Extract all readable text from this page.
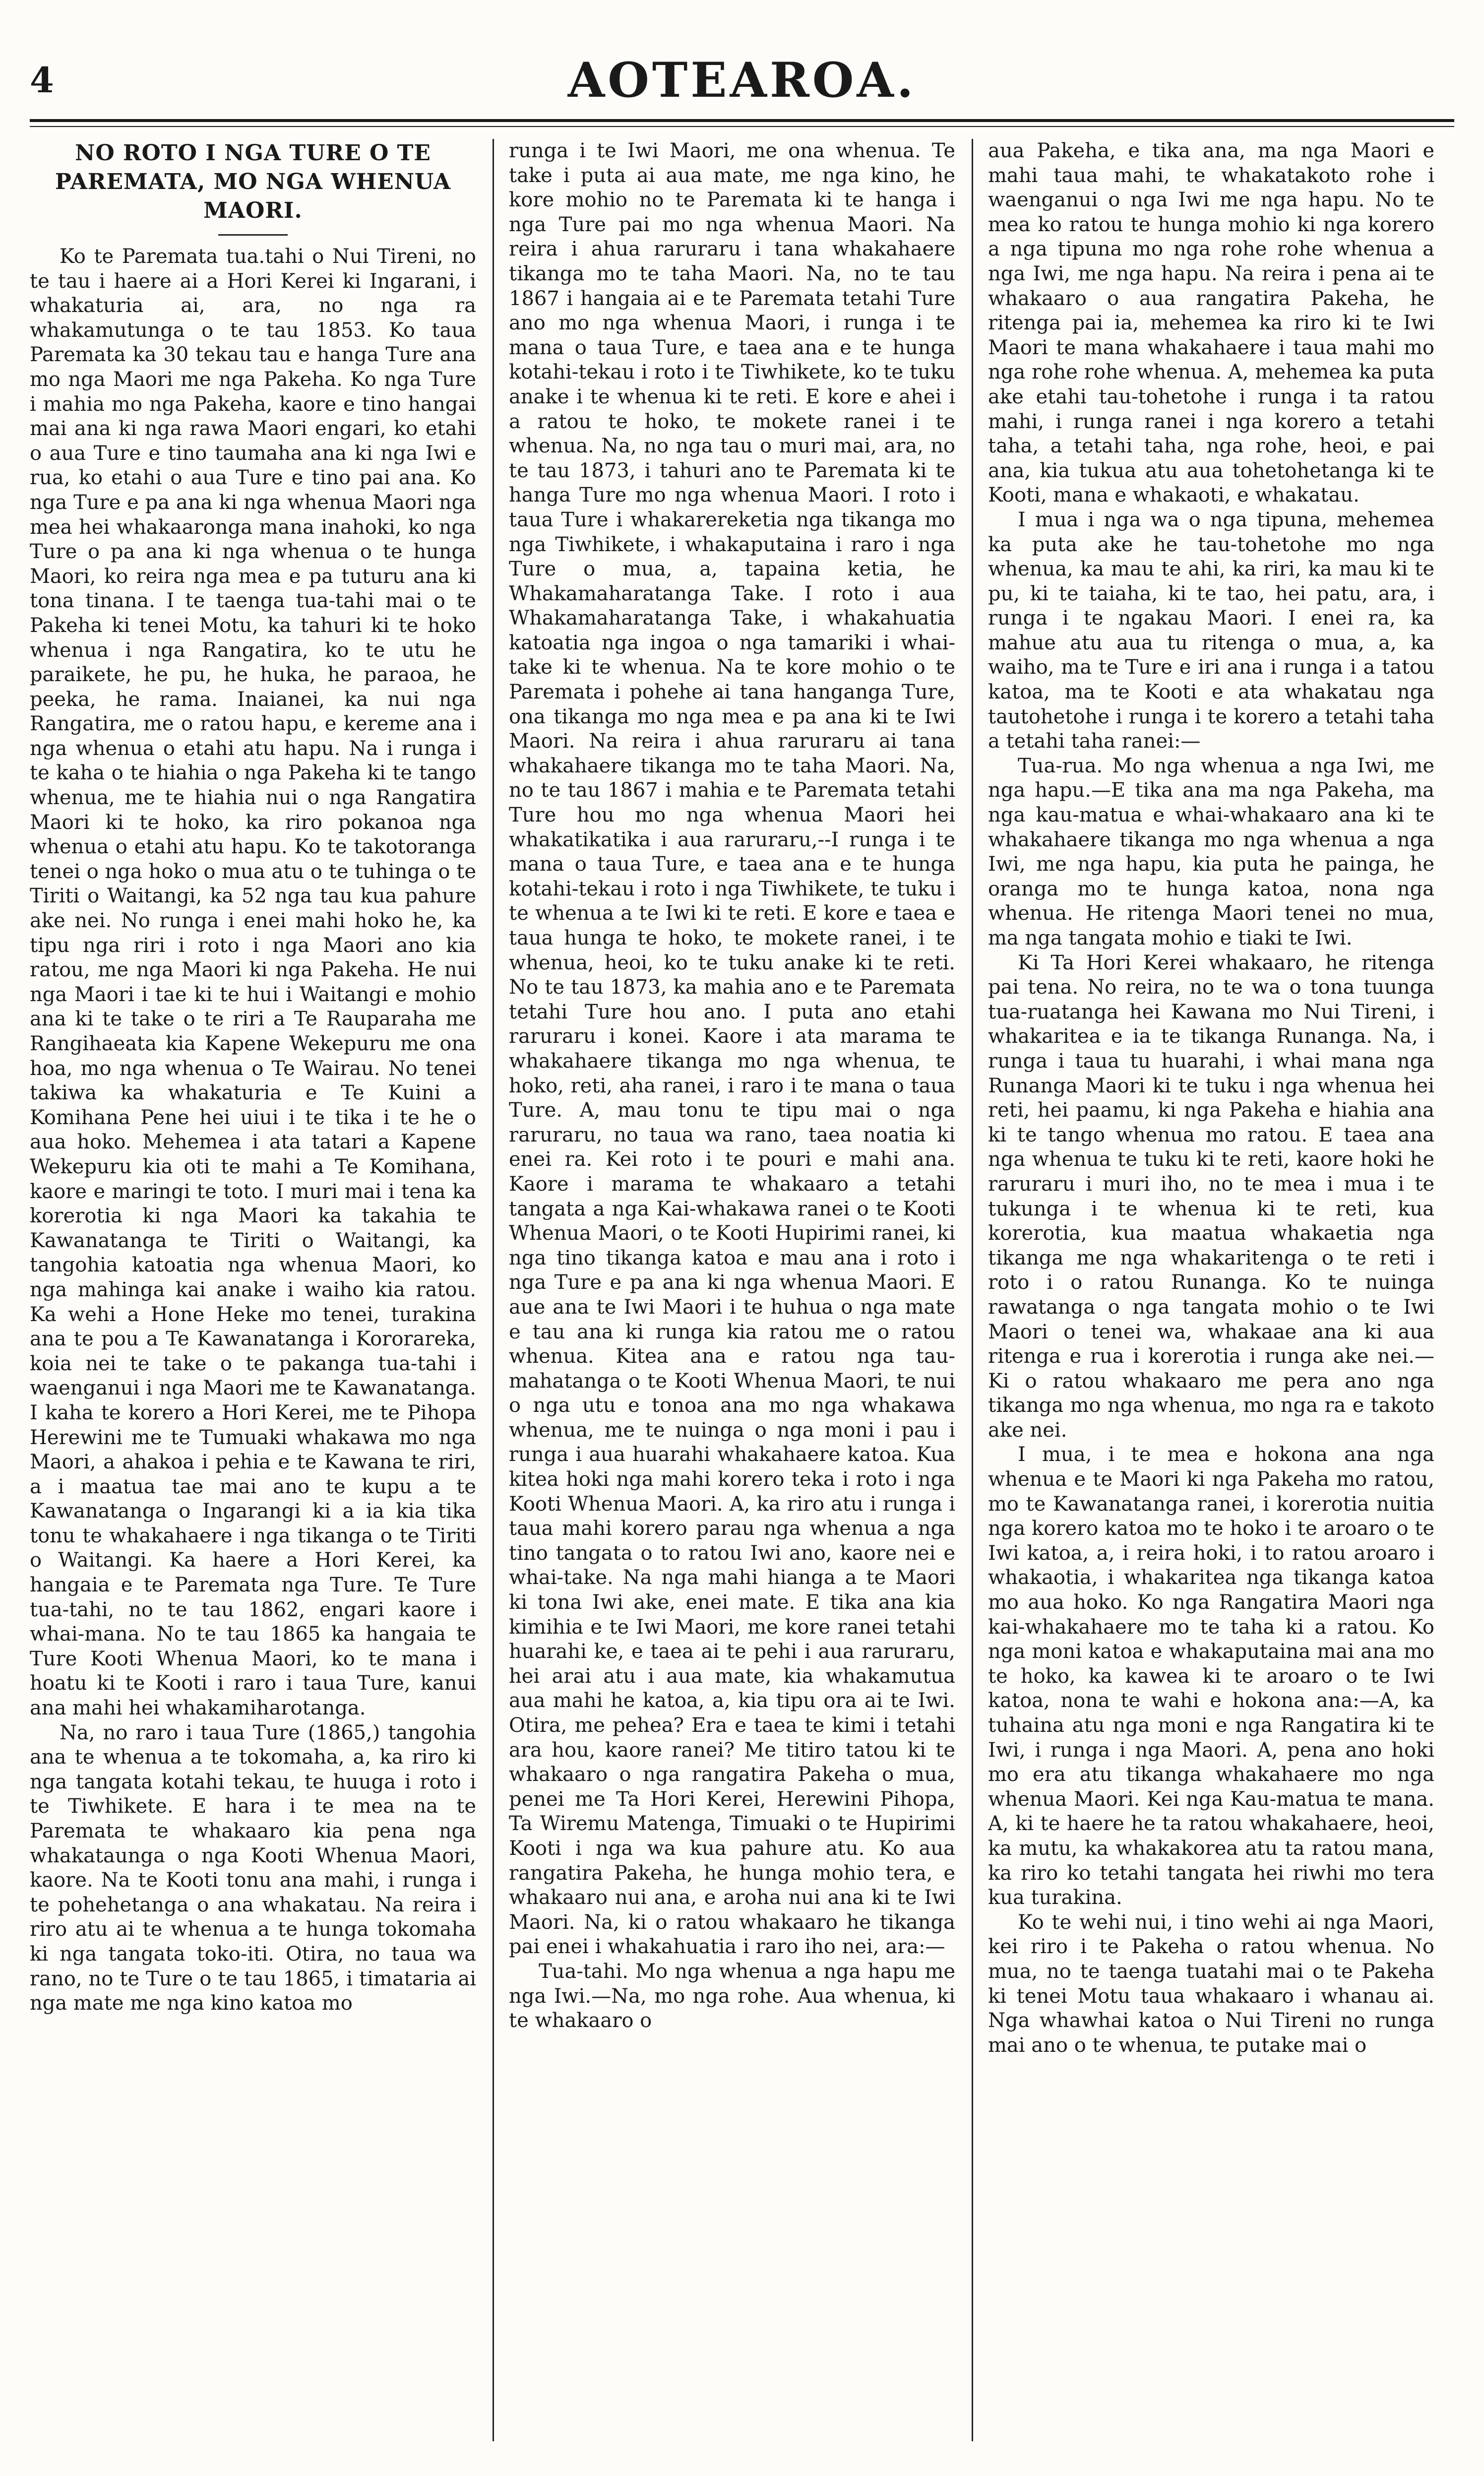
4	AOTEAROA.
NO ROTO I NGA TURE O TE PAREMATA, MO NGA WHENUA MAORI.

Ko te Paremata tua.tahi o Nui Tireni, no te tau i haere ai a Hori Kerei ki Ingarani, i whakaturia ai, ara, no nga ra whakamutunga o te tau 1853. Ko taua Paremata ka 30 tekau tau e hanga Ture ana mo nga Maori me nga Pakeha. Ko nga Ture i mahia mo nga Pakeha, kaore e tino hangai mai ana ki nga rawa Maori engari, ko etahi o aua Ture e tino taumaha ana ki nga Iwi e rua, ko etahi o aua Ture e tino pai ana. Ko nga Ture e pa ana ki nga whenua Maori nga mea hei whakaaronga mana inahoki, ko nga Ture o pa ana ki nga whenua o te hunga Maori, ko reira nga mea e pa tuturu ana ki tona tinana. I te taenga tua-tahi mai o te Pakeha ki tenei Motu, ka tahuri ki te hoko whenua i nga Rangatira, ko te utu he paraikete, he pu, he huka, he paraoa, he peeka, he rama. Inaianei, ka nui nga Rangatira, me o ratou hapu, e kereme ana i nga whenua o etahi atu hapu. Na i runga i te kaha o te hiahia o nga Pakeha ki te tango whenua, me te hiahia nui o nga Rangatira Maori ki te hoko, ka riro pokanoa nga whenua o etahi atu hapu. Ko te takotoranga tenei o nga hoko o mua atu o te tuhinga o te Tiriti o Waitangi, ka 52 nga tau kua pahure ake nei. No runga i enei mahi hoko he, ka tipu nga riri i roto i nga Maori ano kia ratou, me nga Maori ki nga Pakeha. He nui nga Maori i tae ki te hui i Waitangi e mohio ana ki te take o te riri a Te Rauparaha me Rangihaeata kia Kapene Wekepuru me ona hoa, mo nga whenua o Te Wairau. No tenei takiwa ka whakaturia e Te Kuini a Komihana Pene hei uiui i te tika i te he o aua hoko. Mehemea i ata tatari a Kapene Wekepuru kia oti te mahi a Te Komihana, kaore e maringi te toto. I muri mai i tena ka korerotia ki nga Maori ka takahia te Kawanatanga te Tiriti o Waitangi, ka tangohia katoatia nga whenua Maori, ko nga mahinga kai anake i waiho kia ratou. Ka wehi a Hone Heke mo tenei, turakina ana te pou a Te Kawanatanga i Kororareka, koia nei te take o te pakanga tua-tahi i waenganui i nga Maori me te Kawanatanga. I kaha te korero a Hori Kerei, me te Pihopa Herewini me te Tumuaki whakawa mo nga Maori, a ahakoa i pehia e te Kawana te riri, a i maatua tae mai ano te kupu a te Kawanatanga o Ingarangi ki a ia kia tika tonu te whakahaere i nga tikanga o te Tiriti o Waitangi. Ka haere a Hori Kerei, ka hangaia e te Paremata nga Ture. Te Ture tua-tahi, no te tau 1862, engari kaore i whai-mana. No te tau 1865 ka hangaia te Ture Kooti Whenua Maori, ko te mana i hoatu ki te Kooti i raro i taua Ture, kanui ana mahi hei whakamiharotanga.

Na, no raro i taua Ture (1865,) tangohia ana te whenua a te tokomaha, a, ka riro ki nga tangata kotahi tekau, te huuga i roto i te Tiwhikete. E hara i te mea na te Paremata te whakaaro kia pena nga whakataunga o nga Kooti Whenua Maori, kaore. Na te Kooti tonu ana mahi, i runga i te pohehetanga o ana whakatau. Na reira i riro atu ai te whenua a te hunga tokomaha ki nga tangata toko-iti. Otira, no taua wa rano, no te Ture o te tau 1865, i timataria ai nga mate me nga kino katoa mo

runga i te Iwi Maori, me ona whenua. Te take i puta ai aua mate, me nga kino, he kore mohio no te Paremata ki te hanga i nga Ture pai mo nga whenua Maori. Na reira i ahua raruraru i tana whakahaere tikanga mo te taha Maori. Na, no te tau 1867 i hangaia ai e te Paremata tetahi Ture ano mo nga whenua Maori, i runga i te mana o taua Ture, e taea ana e te hunga kotahi-tekau i roto i te Tiwhikete, ko te tuku anake i te whenua ki te reti. E kore e ahei i a ratou te hoko, te mokete ranei i te whenua. Na, no nga tau o muri mai, ara, no te tau 1873, i tahuri ano te Paremata ki te hanga Ture mo nga whenua Maori. I roto i taua Ture i whakarereketia nga tikanga mo nga Tiwhikete, i whakaputaina i raro i nga Ture o mua, a, tapaina ketia, he Whakamaharatanga Take. I roto i aua Whakamaharatanga Take, i whakahuatia katoatia nga ingoa o nga tamariki i whai-take ki te whenua. Na te kore mohio o te Paremata i pohehe ai tana hanganga Ture, ona tikanga mo nga mea e pa ana ki te Iwi Maori. Na reira i ahua raruraru ai tana whakahaere tikanga mo te taha Maori. Na, no te tau 1867 i mahia e te Paremata tetahi Ture hou mo nga whenua Maori hei whakatikatika i aua raruraru,--I runga i te mana o taua Ture, e taea ana e te hunga kotahi-tekau i roto i nga Tiwhikete, te tuku i te whenua a te Iwi ki te reti. E kore e taea e taua hunga te hoko, te mokete ranei, i te whenua, heoi, ko te tuku anake ki te reti. No te tau 1873, ka mahia ano e te Paremata tetahi Ture hou ano. I puta ano etahi raruraru i konei. Kaore i ata marama te whakahaere tikanga mo nga whenua, te hoko, reti, aha ranei, i raro i te mana o taua Ture. A, mau tonu te tipu mai o nga raruraru, no taua wa rano, taea noatia ki enei ra. Kei roto i te pouri e mahi ana. Kaore i marama te whakaaro a tetahi tangata a nga Kai-whakawa ranei o te Kooti Whenua Maori, o te Kooti Hupirimi ranei, ki nga tino tikanga katoa e mau ana i roto i nga Ture e pa ana ki nga whenua Maori. E aue ana te Iwi Maori i te huhua o nga mate e tau ana ki runga kia ratou me o ratou whenua. Kitea ana e ratou nga tau-mahatanga o te Kooti Whenua Maori, te nui o nga utu e tonoa ana mo nga whakawa whenua, me te nuinga o nga moni i pau i runga i aua huarahi whakahaere katoa. Kua kitea hoki nga mahi korero teka i roto i nga Kooti Whenua Maori. A, ka riro atu i runga i taua mahi korero parau nga whenua a nga tino tangata o to ratou Iwi ano, kaore nei e whai-take. Na nga mahi hianga a te Maori ki tona Iwi ake, enei mate. E tika ana kia kimihia e te Iwi Maori, me kore ranei tetahi huarahi ke, e taea ai te pehi i aua raruraru, hei arai atu i aua mate, kia whakamutua aua mahi he katoa, a, kia tipu ora ai te Iwi. Otira, me pehea? Era e taea te kimi i tetahi ara hou, kaore ranei? Me titiro tatou ki te whakaaro o nga rangatira Pakeha o mua, penei me Ta Hori Kerei, Herewini Pihopa, Ta Wiremu Matenga, Timuaki o te Hupirimi Kooti i nga wa kua pahure atu. Ko aua rangatira Pakeha, he hunga mohio tera, e whakaaro nui ana, e aroha nui ana ki te Iwi Maori. Na, ki o ratou whakaaro he tikanga pai enei i whakahuatia i raro iho nei, ara:—

Tua-tahi. Mo nga whenua a nga hapu me nga Iwi.—Na, mo nga rohe. Aua whenua, ki te whakaaro o

aua Pakeha, e tika ana, ma nga Maori e mahi taua mahi, te whakatakoto rohe i waenganui o nga Iwi me nga hapu. No te mea ko ratou te hunga mohio ki nga korero a nga tipuna mo nga rohe rohe whenua a nga Iwi, me nga hapu. Na reira i pena ai te whakaaro o aua rangatira Pakeha, he ritenga pai ia, mehemea ka riro ki te Iwi Maori te mana whakahaere i taua mahi mo nga rohe rohe whenua. A, mehemea ka puta ake etahi tau-tohetohe i runga i ta ratou mahi, i runga ranei i nga korero a tetahi taha, a tetahi taha, nga rohe, heoi, e pai ana, kia tukua atu aua tohetohetanga ki te Kooti, mana e whakaoti, e whakatau.

I mua i nga wa o nga tipuna, mehemea ka puta ake he tau-tohetohe mo nga whenua, ka mau te ahi, ka riri, ka mau ki te pu, ki te taiaha, ki te tao, hei patu, ara, i runga i te ngakau Maori. I enei ra, ka mahue atu aua tu ritenga o mua, a, ka waiho, ma te Ture e iri ana i runga i a tatou katoa, ma te Kooti e ata whakatau nga tautohetohe i runga i te korero a tetahi taha a tetahi taha ranei:—

Tua-rua. Mo nga whenua a nga Iwi, me nga hapu.—E tika ana ma nga Pakeha, ma nga kau-matua e whai-whakaaro ana ki te whakahaere tikanga mo nga whenua a nga Iwi, me nga hapu, kia puta he painga, he oranga mo te hunga katoa, nona nga whenua. He ritenga Maori tenei no mua, ma nga tangata mohio e tiaki te Iwi.

Ki Ta Hori Kerei whakaaro, he ritenga pai tena. No reira, no te wa o tona tuunga tua-ruatanga hei Kawana mo Nui Tireni, i whakaritea e ia te tikanga Runanga. Na, i runga i taua tu huarahi, i whai mana nga Runanga Maori ki te tuku i nga whenua hei reti, hei paamu, ki nga Pakeha e hiahia ana ki te tango whenua mo ratou. E taea ana nga whenua te tuku ki te reti, kaore hoki he raruraru i muri iho, no te mea i mua i te tukunga i te whenua ki te reti, kua korerotia, kua maatua whakaetia nga tikanga me nga whakaritenga o te reti i roto i o ratou Runanga. Ko te nuinga rawatanga o nga tangata mohio o te Iwi Maori o tenei wa, whakaae ana ki aua ritenga e rua i korerotia i runga ake nei.—Ki o ratou whakaaro me pera ano nga tikanga mo nga whenua, mo nga ra e takoto ake nei.

I mua, i te mea e hokona ana nga whenua e te Maori ki nga Pakeha mo ratou, mo te Kawanatanga ranei, i korerotia nuitia nga korero katoa mo te hoko i te aroaro o te Iwi katoa, a, i reira hoki, i to ratou aroaro i whakaotia, i whakaritea nga tikanga katoa mo aua hoko. Ko nga Rangatira Maori nga kai-whakahaere mo te taha ki a ratou. Ko nga moni katoa e whakaputaina mai ana mo te hoko, ka kawea ki te aroaro o te Iwi katoa, nona te wahi e hokona ana:—A, ka tuhaina atu nga moni e nga Rangatira ki te Iwi, i runga i nga Maori. A, pena ano hoki mo era atu tikanga whakahaere mo nga whenua Maori. Kei nga Kau-matua te mana. A, ki te haere he ta ratou whakahaere, heoi, ka mutu, ka whakakorea atu ta ratou mana, ka riro ko tetahi tangata hei riwhi mo tera kua turakina.

Ko te wehi nui, i tino wehi ai nga Maori, kei riro i te Pakeha o ratou whenua. No mua, no te taenga tuatahi mai o te Pakeha ki tenei Motu taua whakaaro i whanau ai. Nga whawhai katoa o Nui Tireni no runga mai ano o te whenua, te putake mai o
